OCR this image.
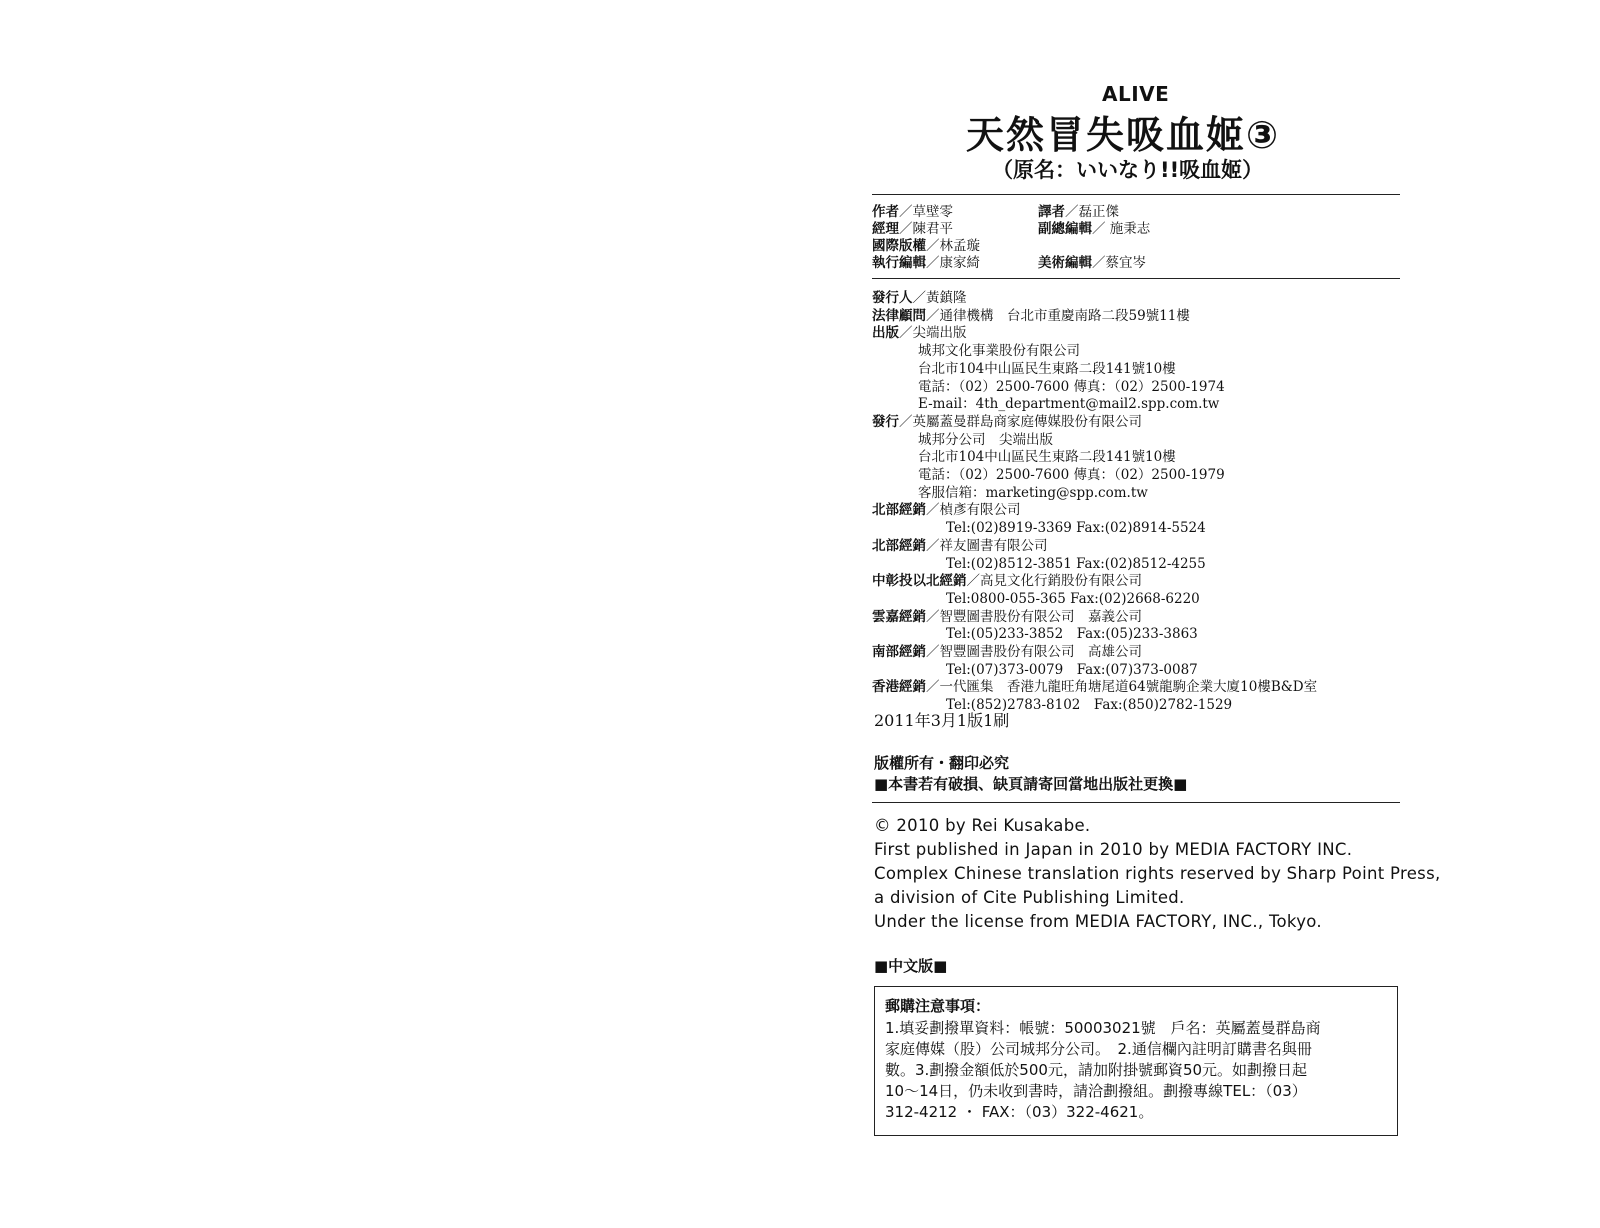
ALIVE
天然冒失吸血姬③
（原名：いいなり!!吸血姬）
作者／草壁零	譯者／磊正傑
經理／陳君平	副總編輯／ 施秉志
國際版權／林孟璇
執行編輯／康家綺	美術編輯／蔡宜岑
2011年3月1版1刷
版權所有・翻印必究
■本書若有破損、缺頁請寄回當地出版社更換■
© 2010 by Rei Kusakabe.
First published in Japan in 2010 by MEDIA FACTORY INC.
Complex Chinese translation rights reserved by Sharp Point Press,
a division of Cite Publishing Limited.
Under the license from MEDIA FACTORY, INC., Tokyo.
■中文版■
郵購注意事項：
1.填妥劃撥單資料：帳號：50003021號　戶名：英屬蓋曼群島商
家庭傳媒（股）公司城邦分公司。　2.通信欄內註明訂購書名與冊
數。3.劃撥金額低於500元，請加附掛號郵資50元。如劃撥日起
10～14日，仍未收到書時，請洽劃撥組。劃撥專線TEL：（03）
312-4212 ・ FAX：（03）322-4621。
發行人／黃鎮隆
法律顧問／通律機構　台北市重慶南路二段59號11樓
出版／尖端出版
城邦文化事業股份有限公司
台北市104中山區民生東路二段141號10樓
電話：（02）2500-7600 傳真：（02）2500-1974
E-mail：4th_department@mail2.spp.com.tw
發行／英屬蓋曼群島商家庭傳媒股份有限公司
城邦分公司　尖端出版
台北市104中山區民生東路二段141號10樓
電話：（02）2500-7600 傳真：（02）2500-1979
客服信箱：marketing@spp.com.tw
北部經銷／楨彥有限公司
Tel:(02)8919-3369 Fax:(02)8914-5524
北部經銷／祥友圖書有限公司
Tel:(02)8512-3851 Fax:(02)8512-4255
中彰投以北經銷／高見文化行銷股份有限公司
Tel:0800-055-365 Fax:(02)2668-6220
雲嘉經銷／智豐圖書股份有限公司　嘉義公司
Tel:(05)233-3852　Fax:(05)233-3863
南部經銷／智豐圖書股份有限公司　高雄公司
Tel:(07)373-0079　Fax:(07)373-0087
香港經銷／一代匯集　香港九龍旺角塘尾道64號龍駒企業大廈10樓B&D室
Tel:(852)2783-8102　Fax:(850)2782-1529
